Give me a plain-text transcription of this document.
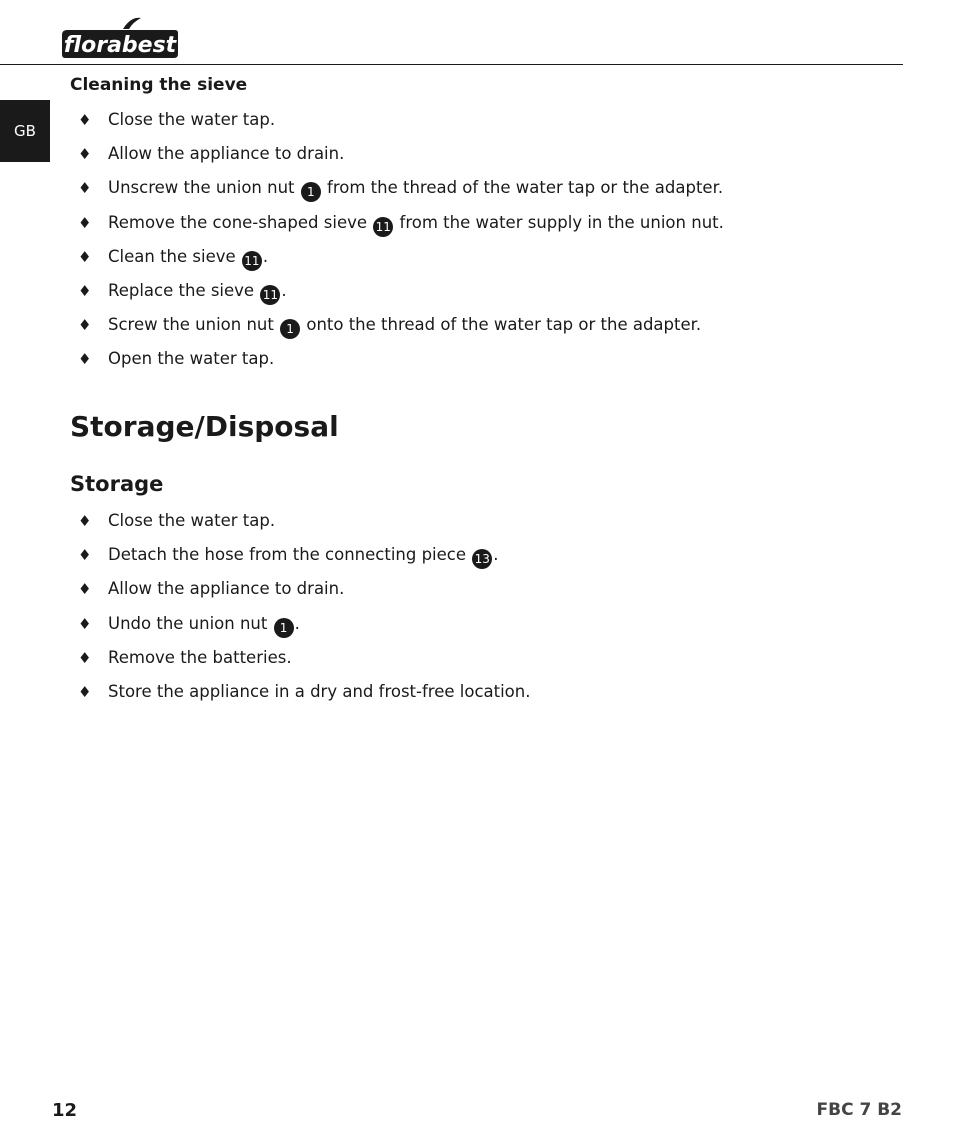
florabest
GB
Cleaning the sieve
♦ Close the water tap.
♦ Allow the appliance to drain.
♦ Unscrew the union nut 1 from the thread of the water tap or the adapter.
♦ Remove the cone-shaped sieve 11 from the water supply in the union nut.
♦ Clean the sieve 11 .
♦ Replace the sieve 11 .
♦ Screw the union nut 1 onto the thread of the water tap or the adapter.
♦ Open the water tap.
Storage/Disposal
Storage
♦ Close the water tap.
♦ Detach the hose from the connecting piece 13 .
♦ Allow the appliance to drain.
♦ Undo the union nut 1 .
♦ Remove the batteries.
♦ Store the appliance in a dry and frost-free location.
12	FBC 7 B2
